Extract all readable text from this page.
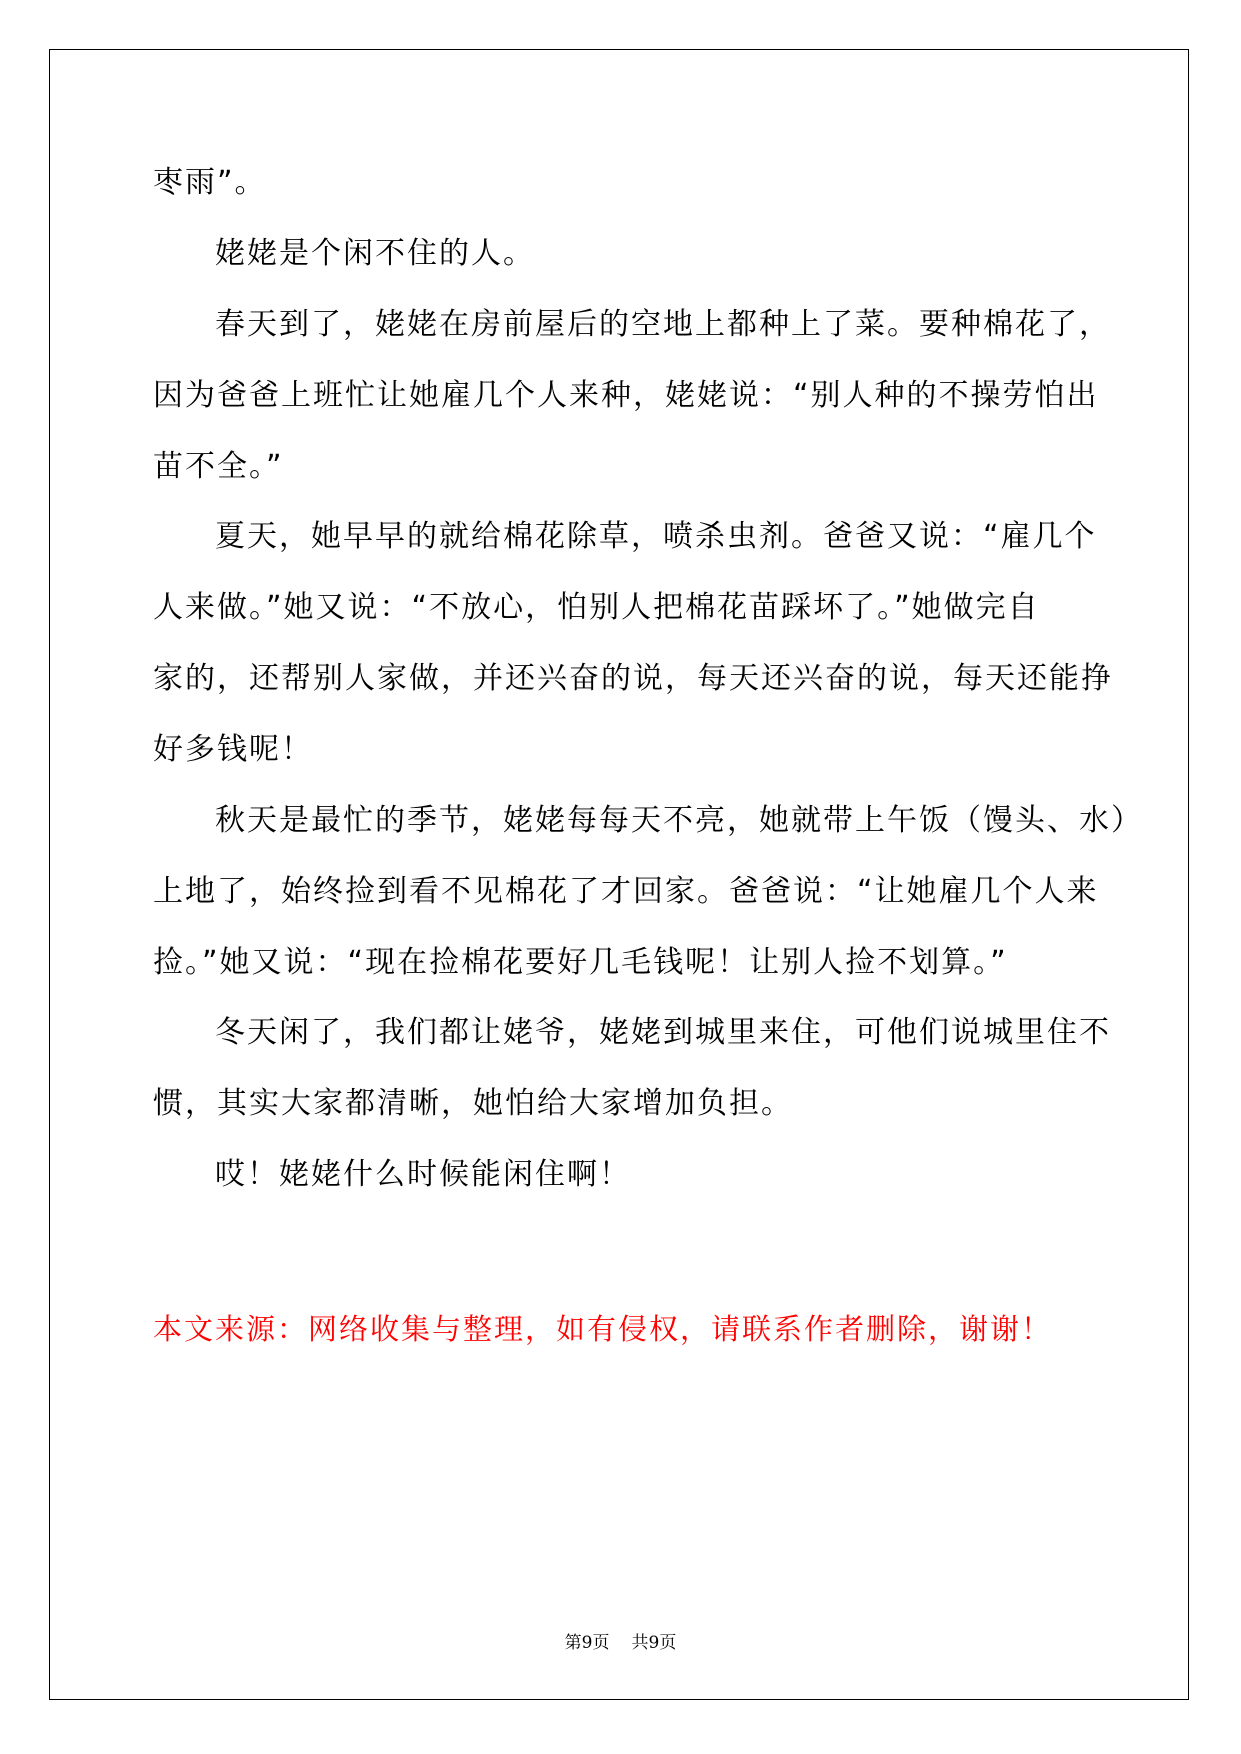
枣雨”。
姥姥是个闲不住的人。
春天到了，姥姥在房前屋后的空地上都种上了菜。要种棉花了，
因为爸爸上班忙让她雇几个人来种，姥姥说：“别人种的不操劳怕出
苗不全。”
夏天，她早早的就给棉花除草，喷杀虫剂。爸爸又说：“雇几个
人来做。”她又说：“不放心，怕别人把棉花苗踩坏了。”她做完自
家的，还帮别人家做，并还兴奋的说，每天还兴奋的说，每天还能挣
好多钱呢！
秋天是最忙的季节，姥姥每每天不亮，她就带上午饭（馒头、水）
上地了，始终捡到看不见棉花了才回家。爸爸说：“让她雇几个人来
捡。”她又说：“现在捡棉花要好几毛钱呢！让别人捡不划算。”
冬天闲了，我们都让姥爷，姥姥到城里来住，可他们说城里住不
惯，其实大家都清晰，她怕给大家增加负担。
哎！姥姥什么时候能闲住啊！
本文来源：网络收集与整理，如有侵权，请联系作者删除，谢谢！
第9页 共9页
